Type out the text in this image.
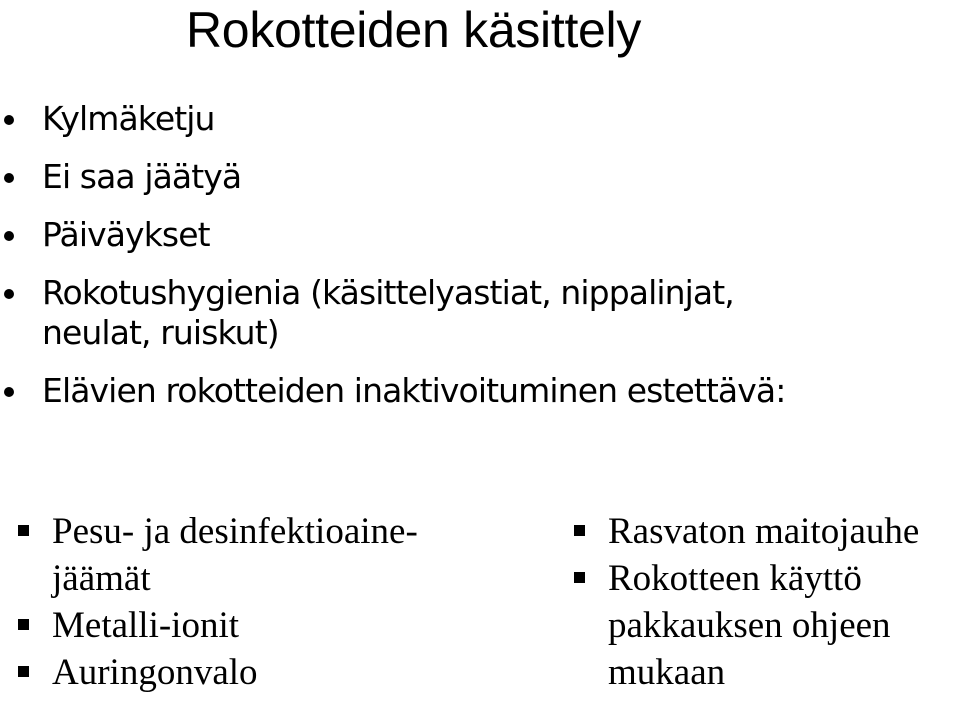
Rokotteiden käsittely
Kylmäketju
Ei saa jäätyä
Päiväykset
Rokotushygienia (käsittelyastiat, nippalinjat,
neulat, ruiskut)
Elävien rokotteiden inaktivoituminen estettävä:
Pesu- ja desinfektioaine-
jäämät
Metalli-ionit
Auringonvalo
Rasvaton maitojauhe
Rokotteen käyttö
pakkauksen ohjeen
mukaan
